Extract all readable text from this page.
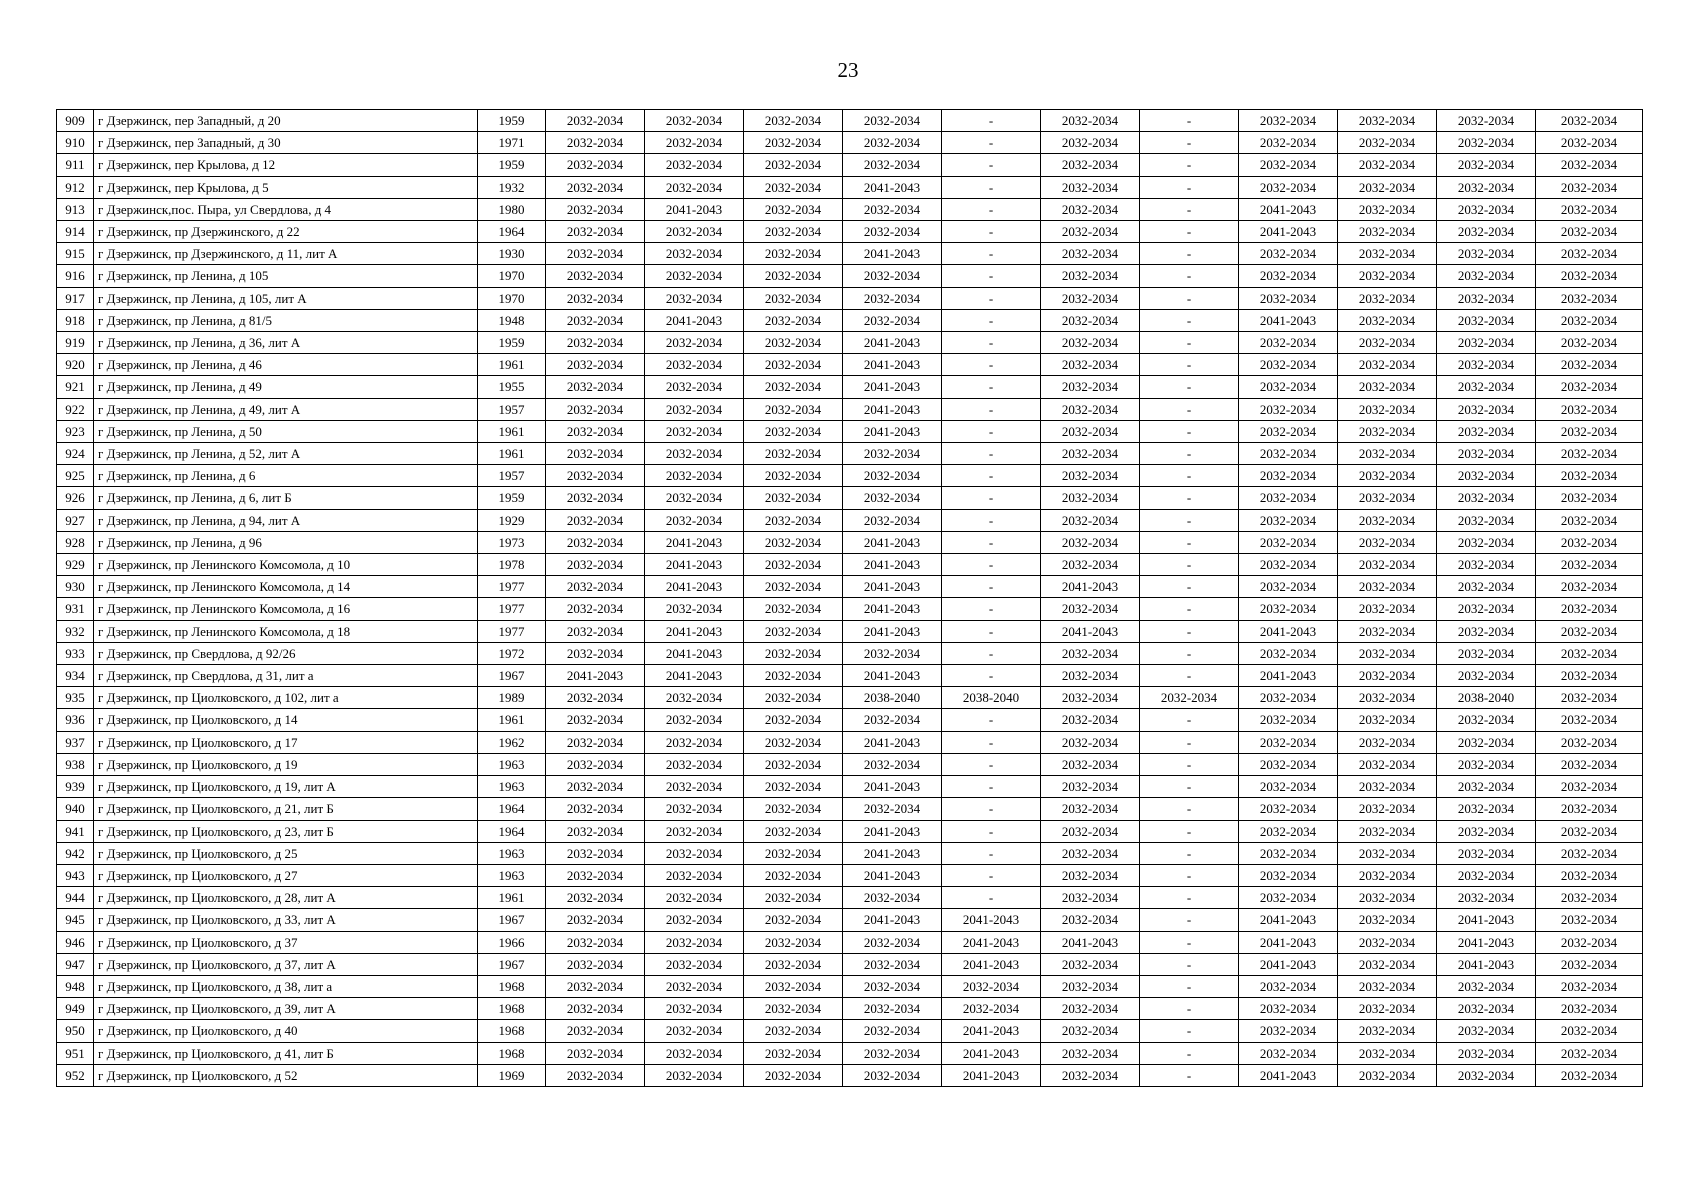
23
909	г Дзержинск, пер Западный, д 20	1959	2032-2034	2032-2034	2032-2034	2032-2034	-	2032-2034	-	2032-2034	2032-2034	2032-2034	2032-2034
910	г Дзержинск, пер Западный, д 30	1971	2032-2034	2032-2034	2032-2034	2032-2034	-	2032-2034	-	2032-2034	2032-2034	2032-2034	2032-2034
911	г Дзержинск, пер Крылова, д 12	1959	2032-2034	2032-2034	2032-2034	2032-2034	-	2032-2034	-	2032-2034	2032-2034	2032-2034	2032-2034
912	г Дзержинск, пер Крылова, д 5	1932	2032-2034	2032-2034	2032-2034	2041-2043	-	2032-2034	-	2032-2034	2032-2034	2032-2034	2032-2034
913	г Дзержинск,пос. Пыра, ул Свердлова, д 4	1980	2032-2034	2041-2043	2032-2034	2032-2034	-	2032-2034	-	2041-2043	2032-2034	2032-2034	2032-2034
914	г Дзержинск, пр Дзержинского, д 22	1964	2032-2034	2032-2034	2032-2034	2032-2034	-	2032-2034	-	2041-2043	2032-2034	2032-2034	2032-2034
915	г Дзержинск, пр Дзержинского, д 11, лит А	1930	2032-2034	2032-2034	2032-2034	2041-2043	-	2032-2034	-	2032-2034	2032-2034	2032-2034	2032-2034
916	г Дзержинск, пр Ленина, д 105	1970	2032-2034	2032-2034	2032-2034	2032-2034	-	2032-2034	-	2032-2034	2032-2034	2032-2034	2032-2034
917	г Дзержинск, пр Ленина, д 105, лит А	1970	2032-2034	2032-2034	2032-2034	2032-2034	-	2032-2034	-	2032-2034	2032-2034	2032-2034	2032-2034
918	г Дзержинск, пр Ленина, д 81/5	1948	2032-2034	2041-2043	2032-2034	2032-2034	-	2032-2034	-	2041-2043	2032-2034	2032-2034	2032-2034
919	г Дзержинск, пр Ленина, д 36, лит А	1959	2032-2034	2032-2034	2032-2034	2041-2043	-	2032-2034	-	2032-2034	2032-2034	2032-2034	2032-2034
920	г Дзержинск, пр Ленина, д 46	1961	2032-2034	2032-2034	2032-2034	2041-2043	-	2032-2034	-	2032-2034	2032-2034	2032-2034	2032-2034
921	г Дзержинск, пр Ленина, д 49	1955	2032-2034	2032-2034	2032-2034	2041-2043	-	2032-2034	-	2032-2034	2032-2034	2032-2034	2032-2034
922	г Дзержинск, пр Ленина, д 49, лит А	1957	2032-2034	2032-2034	2032-2034	2041-2043	-	2032-2034	-	2032-2034	2032-2034	2032-2034	2032-2034
923	г Дзержинск, пр Ленина, д 50	1961	2032-2034	2032-2034	2032-2034	2041-2043	-	2032-2034	-	2032-2034	2032-2034	2032-2034	2032-2034
924	г Дзержинск, пр Ленина, д 52, лит А	1961	2032-2034	2032-2034	2032-2034	2032-2034	-	2032-2034	-	2032-2034	2032-2034	2032-2034	2032-2034
925	г Дзержинск, пр Ленина, д 6	1957	2032-2034	2032-2034	2032-2034	2032-2034	-	2032-2034	-	2032-2034	2032-2034	2032-2034	2032-2034
926	г Дзержинск, пр Ленина, д 6, лит Б	1959	2032-2034	2032-2034	2032-2034	2032-2034	-	2032-2034	-	2032-2034	2032-2034	2032-2034	2032-2034
927	г Дзержинск, пр Ленина, д 94, лит А	1929	2032-2034	2032-2034	2032-2034	2032-2034	-	2032-2034	-	2032-2034	2032-2034	2032-2034	2032-2034
928	г Дзержинск, пр Ленина, д 96	1973	2032-2034	2041-2043	2032-2034	2041-2043	-	2032-2034	-	2032-2034	2032-2034	2032-2034	2032-2034
929	г Дзержинск, пр Ленинского Комсомола, д 10	1978	2032-2034	2041-2043	2032-2034	2041-2043	-	2032-2034	-	2032-2034	2032-2034	2032-2034	2032-2034
930	г Дзержинск, пр Ленинского Комсомола, д 14	1977	2032-2034	2041-2043	2032-2034	2041-2043	-	2041-2043	-	2032-2034	2032-2034	2032-2034	2032-2034
931	г Дзержинск, пр Ленинского Комсомола, д 16	1977	2032-2034	2032-2034	2032-2034	2041-2043	-	2032-2034	-	2032-2034	2032-2034	2032-2034	2032-2034
932	г Дзержинск, пр Ленинского Комсомола, д 18	1977	2032-2034	2041-2043	2032-2034	2041-2043	-	2041-2043	-	2041-2043	2032-2034	2032-2034	2032-2034
933	г Дзержинск, пр Свердлова, д 92/26	1972	2032-2034	2041-2043	2032-2034	2032-2034	-	2032-2034	-	2032-2034	2032-2034	2032-2034	2032-2034
934	г Дзержинск, пр Свердлова, д 31, лит а	1967	2041-2043	2041-2043	2032-2034	2041-2043	-	2032-2034	-	2041-2043	2032-2034	2032-2034	2032-2034
935	г Дзержинск, пр Циолковского, д 102, лит а	1989	2032-2034	2032-2034	2032-2034	2038-2040	2038-2040	2032-2034	2032-2034	2032-2034	2032-2034	2038-2040	2032-2034
936	г Дзержинск, пр Циолковского, д 14	1961	2032-2034	2032-2034	2032-2034	2032-2034	-	2032-2034	-	2032-2034	2032-2034	2032-2034	2032-2034
937	г Дзержинск, пр Циолковского, д 17	1962	2032-2034	2032-2034	2032-2034	2041-2043	-	2032-2034	-	2032-2034	2032-2034	2032-2034	2032-2034
938	г Дзержинск, пр Циолковского, д 19	1963	2032-2034	2032-2034	2032-2034	2032-2034	-	2032-2034	-	2032-2034	2032-2034	2032-2034	2032-2034
939	г Дзержинск, пр Циолковского, д 19, лит А	1963	2032-2034	2032-2034	2032-2034	2041-2043	-	2032-2034	-	2032-2034	2032-2034	2032-2034	2032-2034
940	г Дзержинск, пр Циолковского, д 21, лит Б	1964	2032-2034	2032-2034	2032-2034	2032-2034	-	2032-2034	-	2032-2034	2032-2034	2032-2034	2032-2034
941	г Дзержинск, пр Циолковского, д 23, лит Б	1964	2032-2034	2032-2034	2032-2034	2041-2043	-	2032-2034	-	2032-2034	2032-2034	2032-2034	2032-2034
942	г Дзержинск, пр Циолковского, д 25	1963	2032-2034	2032-2034	2032-2034	2041-2043	-	2032-2034	-	2032-2034	2032-2034	2032-2034	2032-2034
943	г Дзержинск, пр Циолковского, д 27	1963	2032-2034	2032-2034	2032-2034	2041-2043	-	2032-2034	-	2032-2034	2032-2034	2032-2034	2032-2034
944	г Дзержинск, пр Циолковского, д 28, лит А	1961	2032-2034	2032-2034	2032-2034	2032-2034	-	2032-2034	-	2032-2034	2032-2034	2032-2034	2032-2034
945	г Дзержинск, пр Циолковского, д 33, лит А	1967	2032-2034	2032-2034	2032-2034	2041-2043	2041-2043	2032-2034	-	2041-2043	2032-2034	2041-2043	2032-2034
946	г Дзержинск, пр Циолковского, д 37	1966	2032-2034	2032-2034	2032-2034	2032-2034	2041-2043	2041-2043	-	2041-2043	2032-2034	2041-2043	2032-2034
947	г Дзержинск, пр Циолковского, д 37, лит А	1967	2032-2034	2032-2034	2032-2034	2032-2034	2041-2043	2032-2034	-	2041-2043	2032-2034	2041-2043	2032-2034
948	г Дзержинск, пр Циолковского, д 38, лит а	1968	2032-2034	2032-2034	2032-2034	2032-2034	2032-2034	2032-2034	-	2032-2034	2032-2034	2032-2034	2032-2034
949	г Дзержинск, пр Циолковского, д 39, лит А	1968	2032-2034	2032-2034	2032-2034	2032-2034	2032-2034	2032-2034	-	2032-2034	2032-2034	2032-2034	2032-2034
950	г Дзержинск, пр Циолковского, д 40	1968	2032-2034	2032-2034	2032-2034	2032-2034	2041-2043	2032-2034	-	2032-2034	2032-2034	2032-2034	2032-2034
951	г Дзержинск, пр Циолковского, д 41, лит Б	1968	2032-2034	2032-2034	2032-2034	2032-2034	2041-2043	2032-2034	-	2032-2034	2032-2034	2032-2034	2032-2034
952	г Дзержинск, пр Циолковского, д 52	1969	2032-2034	2032-2034	2032-2034	2032-2034	2041-2043	2032-2034	-	2041-2043	2032-2034	2032-2034	2032-2034
